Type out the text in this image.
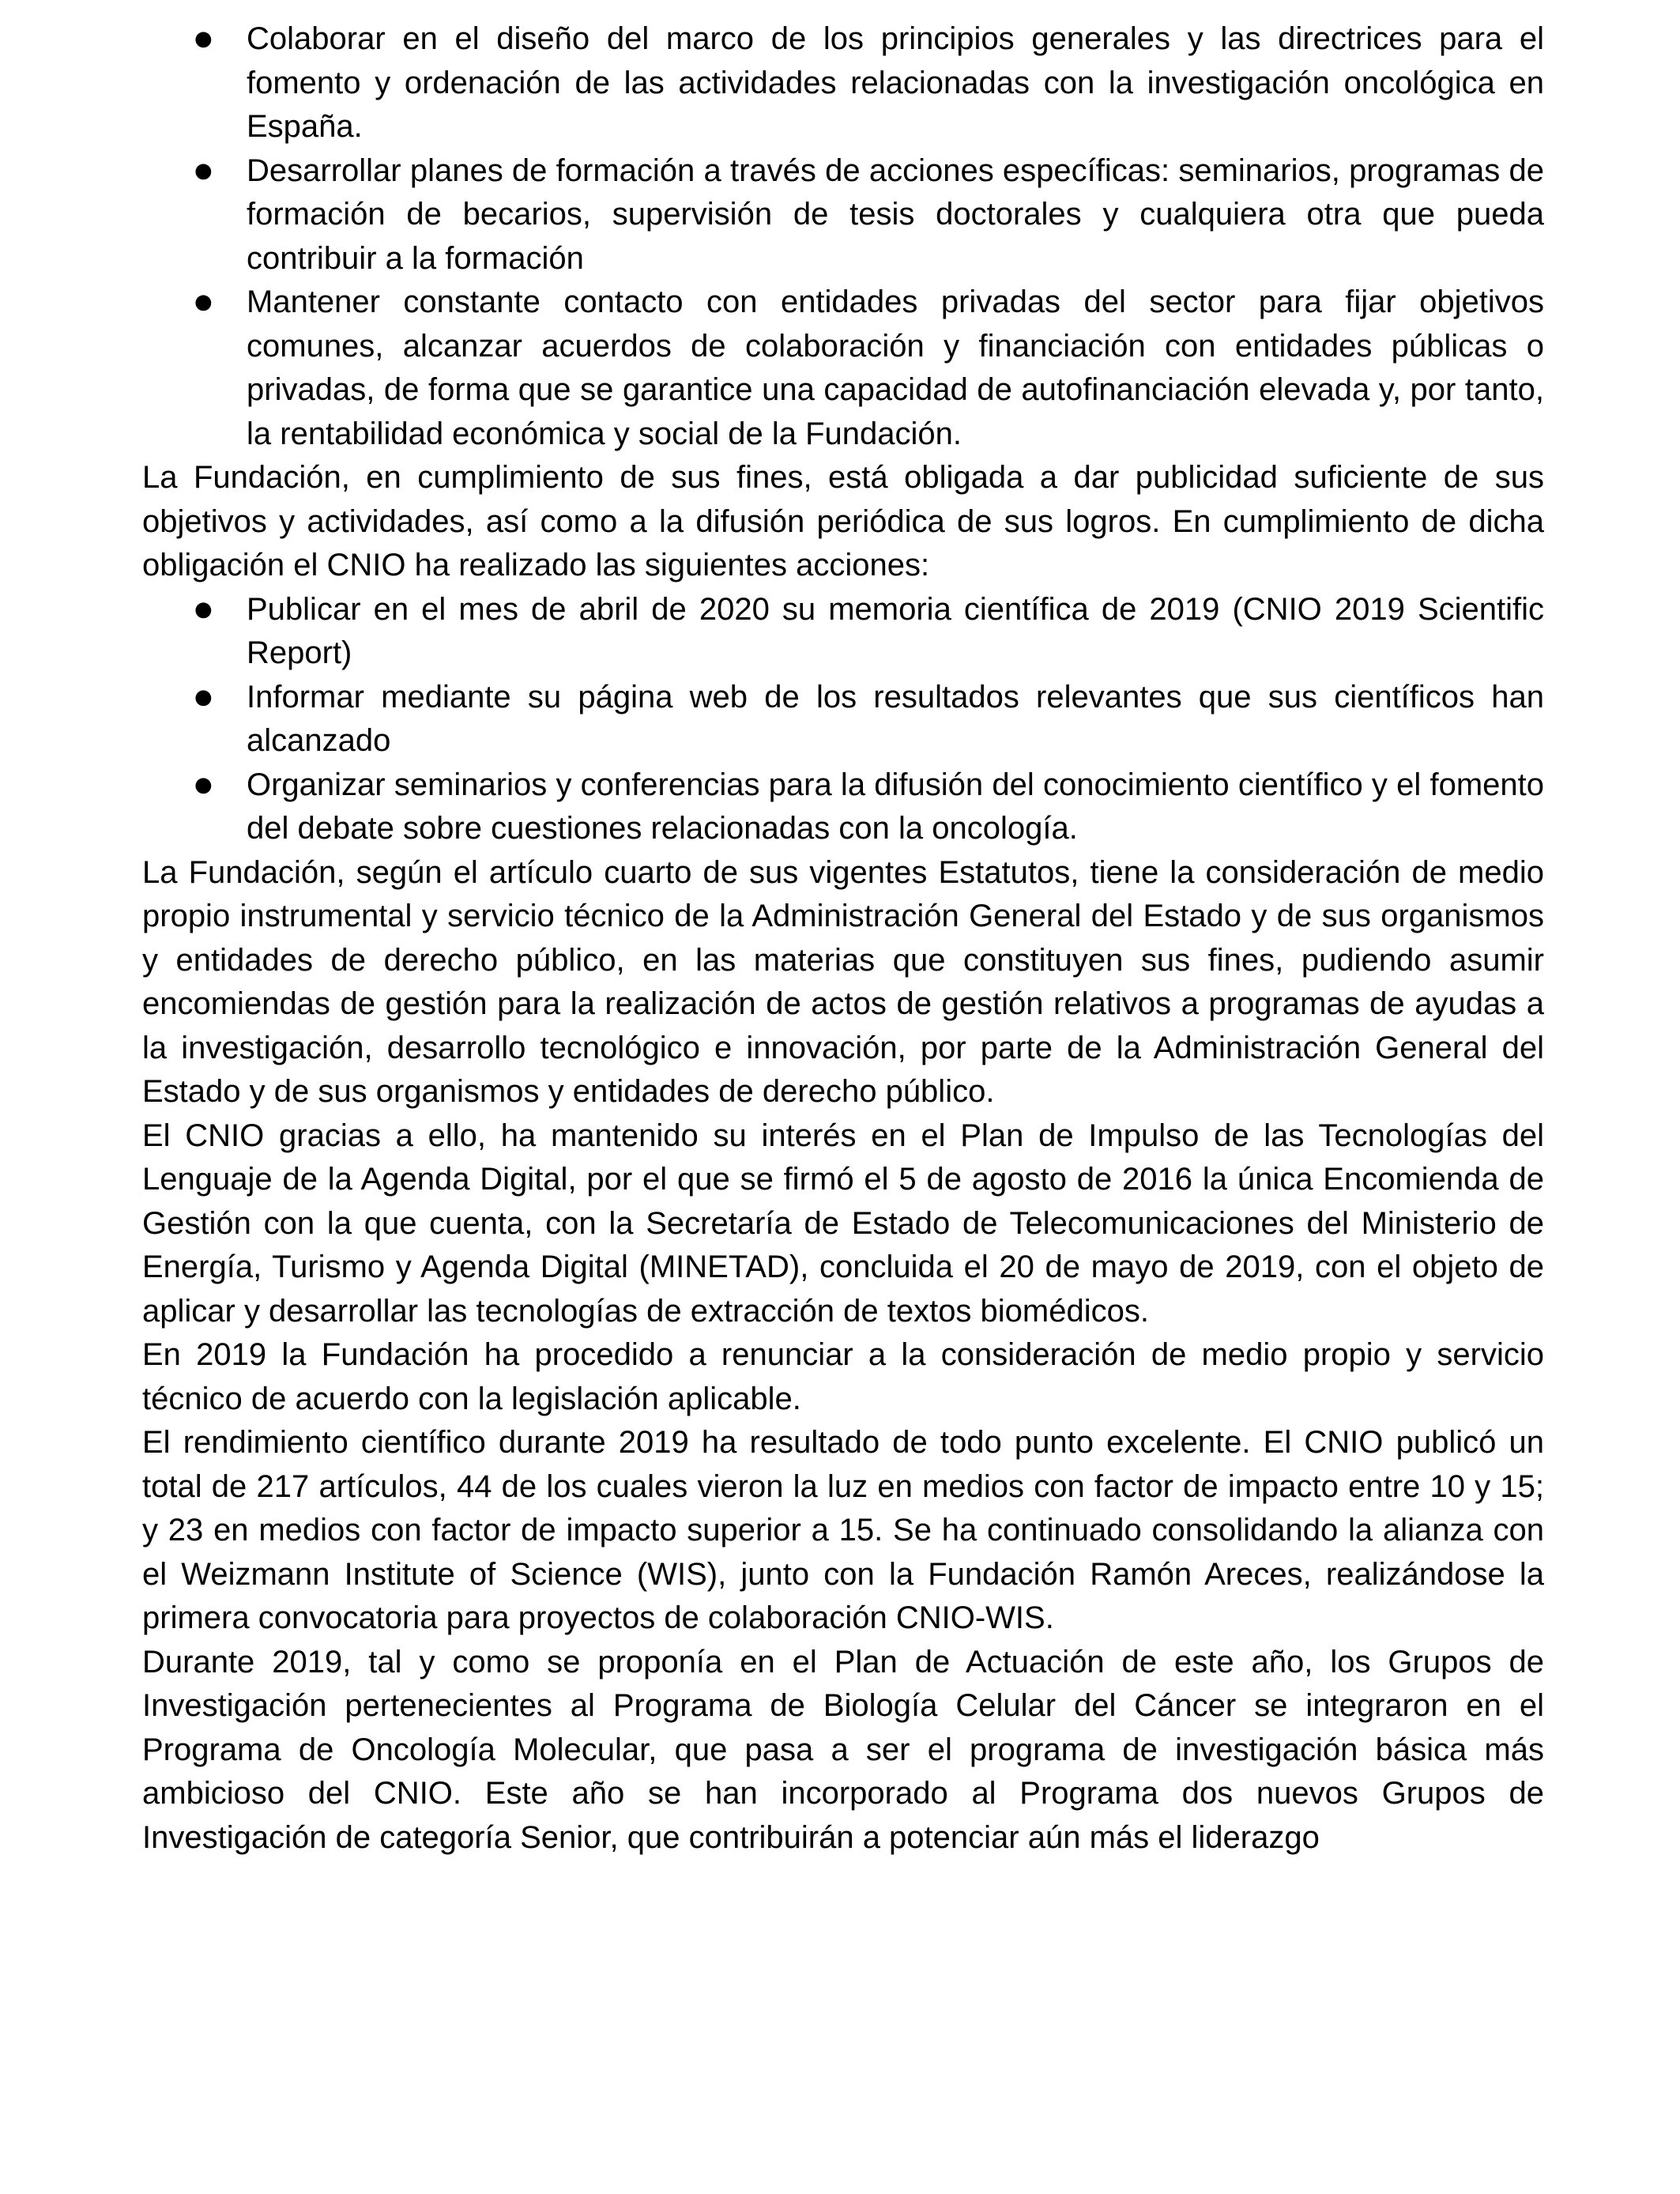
● Colaborar en el diseño del marco de los principios generales y las directrices para el fomento y ordenación de las actividades relacionadas con la investigación oncológica en España.
● Desarrollar planes de formación a través de acciones específicas: seminarios, programas de formación de becarios, supervisión de tesis doctorales y cualquiera otra que pueda contribuir a la formación
● Mantener constante contacto con entidades privadas del sector para fijar objetivos comunes, alcanzar acuerdos de colaboración y financiación con entidades públicas o privadas, de forma que se garantice una capacidad de autofinanciación elevada y, por tanto, la rentabilidad económica y social de la Fundación.

La Fundación, en cumplimiento de sus fines, está obligada a dar publicidad suficiente de sus objetivos y actividades, así como a la difusión periódica de sus logros. En cumplimiento de dicha obligación el CNIO ha realizado las siguientes acciones:

● Publicar en el mes de abril de 2020 su memoria científica de 2019 (CNIO 2019 Scientific Report)
● Informar mediante su página web de los resultados relevantes que sus científicos han alcanzado
● Organizar seminarios y conferencias para la difusión del conocimiento científico y el fomento del debate sobre cuestiones relacionadas con la oncología.

La Fundación, según el artículo cuarto de sus vigentes Estatutos, tiene la consideración de medio propio instrumental y servicio técnico de la Administración General del Estado y de sus organismos y entidades de derecho público, en las materias que constituyen sus fines, pudiendo asumir encomiendas de gestión para la realización de actos de gestión relativos a programas de ayudas a la investigación, desarrollo tecnológico e innovación, por parte de la Administración General del Estado y de sus organismos y entidades de derecho público.

El CNIO gracias a ello, ha mantenido su interés en el Plan de Impulso de las Tecnologías del Lenguaje de la Agenda Digital, por el que se firmó el 5 de agosto de 2016 la única Encomienda de Gestión con la que cuenta, con la Secretaría de Estado de Telecomunicaciones del Ministerio de Energía, Turismo y Agenda Digital (MINETAD), concluida el 20 de mayo de 2019, con el objeto de aplicar y desarrollar las tecnologías de extracción de textos biomédicos.

En 2019 la Fundación ha procedido a renunciar a la consideración de medio propio y servicio técnico de acuerdo con la legislación aplicable.

El rendimiento científico durante 2019 ha resultado de todo punto excelente. El CNIO publicó un total de 217 artículos, 44 de los cuales vieron la luz en medios con factor de impacto entre 10 y 15; y 23 en medios con factor de impacto superior a 15. Se ha continuado consolidando la alianza con el Weizmann Institute of Science (WIS), junto con la Fundación Ramón Areces, realizándose la primera convocatoria para proyectos de colaboración CNIO-WIS.

Durante 2019, tal y como se proponía en el Plan de Actuación de este año, los Grupos de Investigación pertenecientes al Programa de Biología Celular del Cáncer se integraron en el Programa de Oncología Molecular, que pasa a ser el programa de investigación básica más ambicioso del CNIO. Este año se han incorporado al Programa dos nuevos Grupos de Investigación de categoría Senior, que contribuirán a potenciar aún más el liderazgo
